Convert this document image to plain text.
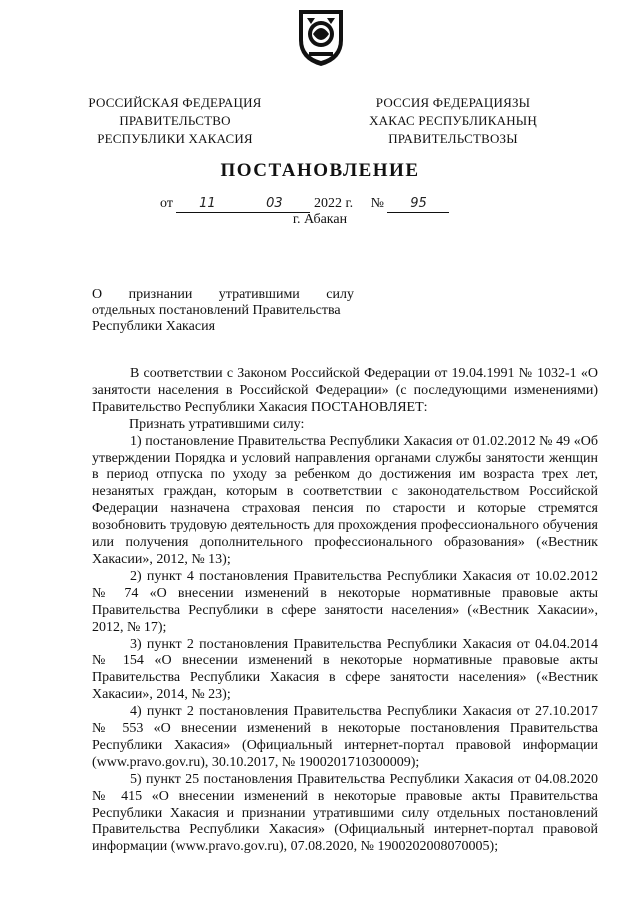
РОССИЙСКАЯ ФЕДЕРАЦИЯ
ПРАВИТЕЛЬСТВО
РЕСПУБЛИКИ ХАКАСИЯ
РОССИЯ ФЕДЕРАЦИЯЗЫ
ХАКАС РЕСПУБЛИКАНЫҢ
ПРАВИТЕЛЬСТВОЗЫ
ПОСТАНОВЛЕНИЕ
от 11	03 2022 г. № 95
г. Абакан
О признании утратившими силу
отдельных постановлений Правительства
Республики Хакасия

В соответствии с Законом Российской Федерации от 19.04.1991 № 1032-1 «О занятости населения в Российской Федерации» (с последующими изменениями) Правительство Республики Хакасия ПОСТАНОВЛЯЕТ:

Признать утратившими силу:

1) постановление Правительства Республики Хакасия от 01.02.2012 № 49 «Об утверждении Порядка и условий направления органами службы занятости женщин в период отпуска по уходу за ребенком до достижения им возраста трех лет, незанятых граждан, которым в соответствии с законодательством Российской Федерации назначена страховая пенсия по старости и которые стремятся возобновить трудовую деятельность для прохождения профессионального обучения или получения дополнительного профессионального образования» («Вестник Хакасии», 2012, № 13);

2) пункт 4 постановления Правительства Республики Хакасия от 10.02.2012 № 74 «О внесении изменений в некоторые нормативные правовые акты Правительства Республики в сфере занятости населения» («Вестник Хакасии», 2012, № 17);

3) пункт 2 постановления Правительства Республики Хакасия от 04.04.2014 № 154 «О внесении изменений в некоторые нормативные правовые акты Правительства Республики Хакасия в сфере занятости населения» («Вестник Хакасии», 2014, № 23);

4) пункт 2 постановления Правительства Республики Хакасия от 27.10.2017 № 553 «О внесении изменений в некоторые постановления Правительства Республики Хакасия» (Официальный интернет-портал правовой информации (www.pravo.gov.ru), 30.10.2017, № 1900201710300009);

5) пункт 25 постановления Правительства Республики Хакасия от 04.08.2020 № 415 «О внесении изменений в некоторые правовые акты Правительства Республики Хакасия и признании утратившими силу отдельных постановлений Правительства Республики Хакасия» (Официальный интернет-портал правовой информации (www.pravo.gov.ru), 07.08.2020, № 1900202008070005);
